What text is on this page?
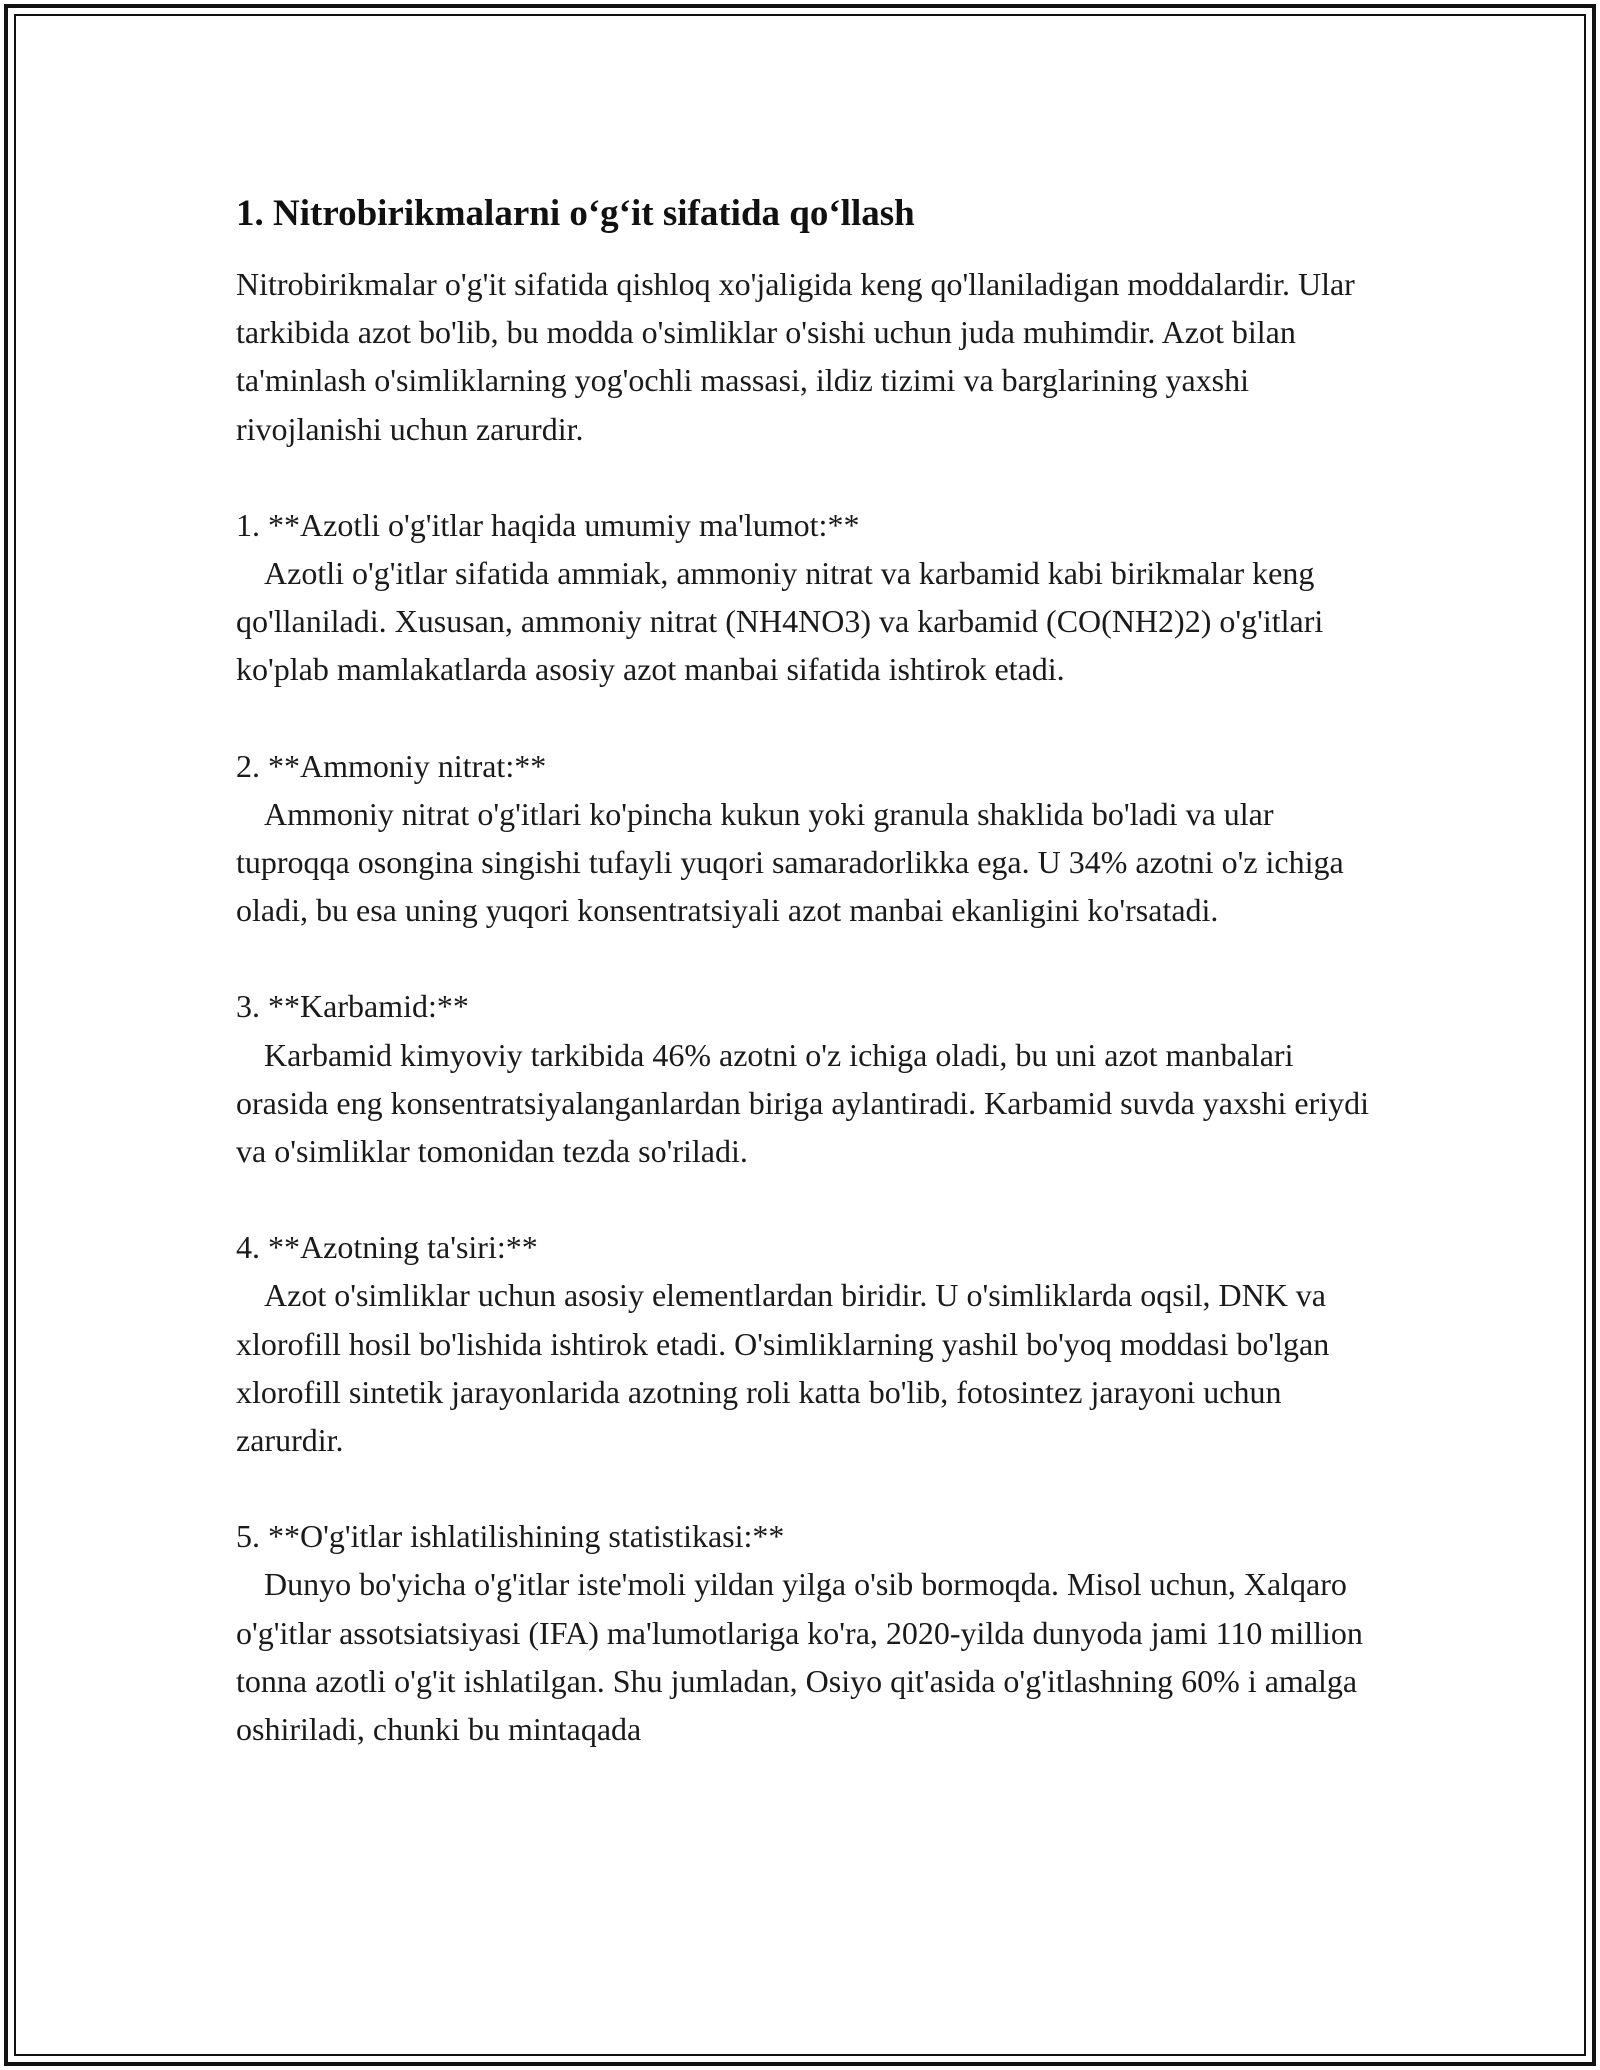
1. Nitrobirikmalarni o‘g‘it sifatida qo‘llash

Nitrobirikmalar o'g'it sifatida qishloq xo'jaligida keng qo'llaniladigan moddalardir. Ular tarkibida azot bo'lib, bu modda o'simliklar o'sishi uchun juda muhimdir. Azot bilan ta'minlash o'simliklarning yog'ochli massasi, ildiz tizimi va barglarining yaxshi rivojlanishi uchun zarurdir.

1. **Azotli o'g'itlar haqida umumiy ma'lumot:**

Azotli o'g'itlar sifatida ammiak, ammoniy nitrat va karbamid kabi birikmalar keng qo'llaniladi. Xususan, ammoniy nitrat (NH4NO3) va karbamid (CO(NH2)2) o'g'itlari ko'plab mamlakatlarda asosiy azot manbai sifatida ishtirok etadi.

2. **Ammoniy nitrat:**

Ammoniy nitrat o'g'itlari ko'pincha kukun yoki granula shaklida bo'ladi va ular tuproqqa osongina singishi tufayli yuqori samaradorlikka ega. U 34% azotni o'z ichiga oladi, bu esa uning yuqori konsentratsiyali azot manbai ekanligini ko'rsatadi.

3. **Karbamid:**

Karbamid kimyoviy tarkibida 46% azotni o'z ichiga oladi, bu uni azot manbalari orasida eng konsentratsiyalanganlardan biriga aylantiradi. Karbamid suvda yaxshi eriydi va o'simliklar tomonidan tezda so'riladi.

4. **Azotning ta'siri:**

Azot o'simliklar uchun asosiy elementlardan biridir. U o'simliklarda oqsil, DNK va xlorofill hosil bo'lishida ishtirok etadi. O'simliklarning yashil bo'yoq moddasi bo'lgan xlorofill sintetik jarayonlarida azotning roli katta bo'lib, fotosintez jarayoni uchun zarurdir.

5. **O'g'itlar ishlatilishining statistikasi:**

Dunyo bo'yicha o'g'itlar iste'moli yildan yilga o'sib bormoqda. Misol uchun, Xalqaro o'g'itlar assotsiatsiyasi (IFA) ma'lumotlariga ko'ra, 2020-yilda dunyoda jami 110 million tonna azotli o'g'it ishlatilgan. Shu jumladan, Osiyo qit'asida o'g'itlashning 60% i amalga oshiriladi, chunki bu mintaqada
